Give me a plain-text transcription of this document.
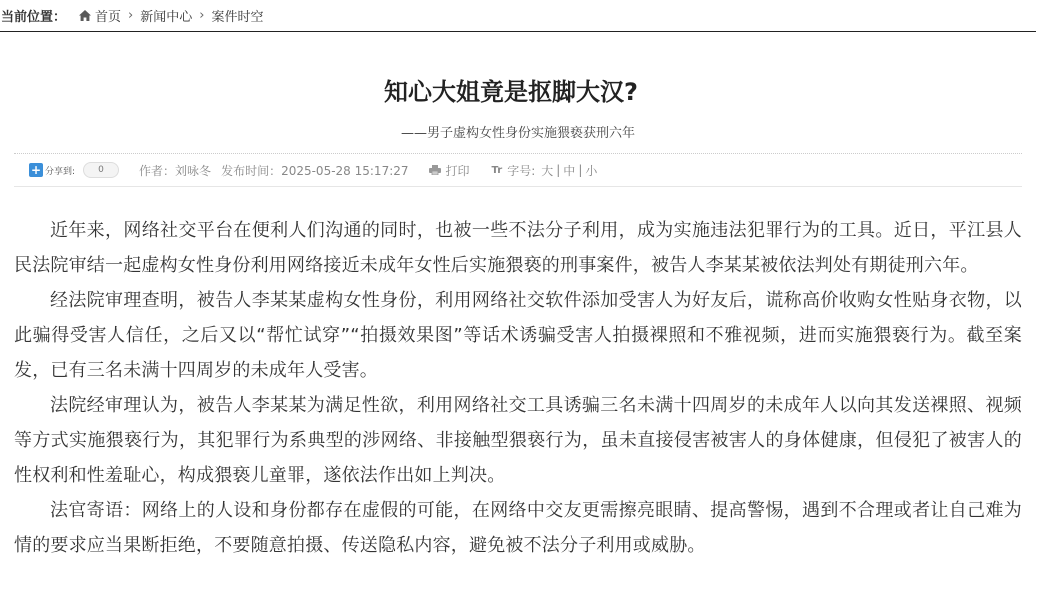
当前位置： 首页 › 新闻中心 › 案件时空
知心大姐竟是抠脚大汉?
——男子虚构女性身份实施猥亵获刑六年
+ 分享到:	0	作者：刘咏冬 发布时间：2025-05-28 15:17:27	打印 Tr 字号: 大 | 中 | 小

近年来，网络社交平台在便利人们沟通的同时，也被一些不法分子利用，成为实施违法犯罪行为的工具。近日，平江县人民法院审结一起虚构女性身份利用网络接近未成年女性后实施猥亵的刑事案件，被告人李某某被依法判处有期徒刑六年。

经法院审理查明，被告人李某某虚构女性身份，利用网络社交软件添加受害人为好友后，谎称高价收购女性贴身衣物，以此骗得受害人信任，之后又以“帮忙试穿”“拍摄效果图”等话术诱骗受害人拍摄裸照和不雅视频，进而实施猥亵行为。截至案发，已有三名未满十四周岁的未成年人受害。

法院经审理认为，被告人李某某为满足性欲，利用网络社交工具诱骗三名未满十四周岁的未成年人以向其发送裸照、视频等方式实施猥亵行为，其犯罪行为系典型的涉网络、非接触型猥亵行为，虽未直接侵害被害人的身体健康，但侵犯了被害人的性权利和性羞耻心，构成猥亵儿童罪，遂依法作出如上判决。

法官寄语：网络上的人设和身份都存在虚假的可能，在网络中交友更需擦亮眼睛、提高警惕，遇到不合理或者让自己难为情的要求应当果断拒绝，不要随意拍摄、传送隐私内容，避免被不法分子利用或威胁。
